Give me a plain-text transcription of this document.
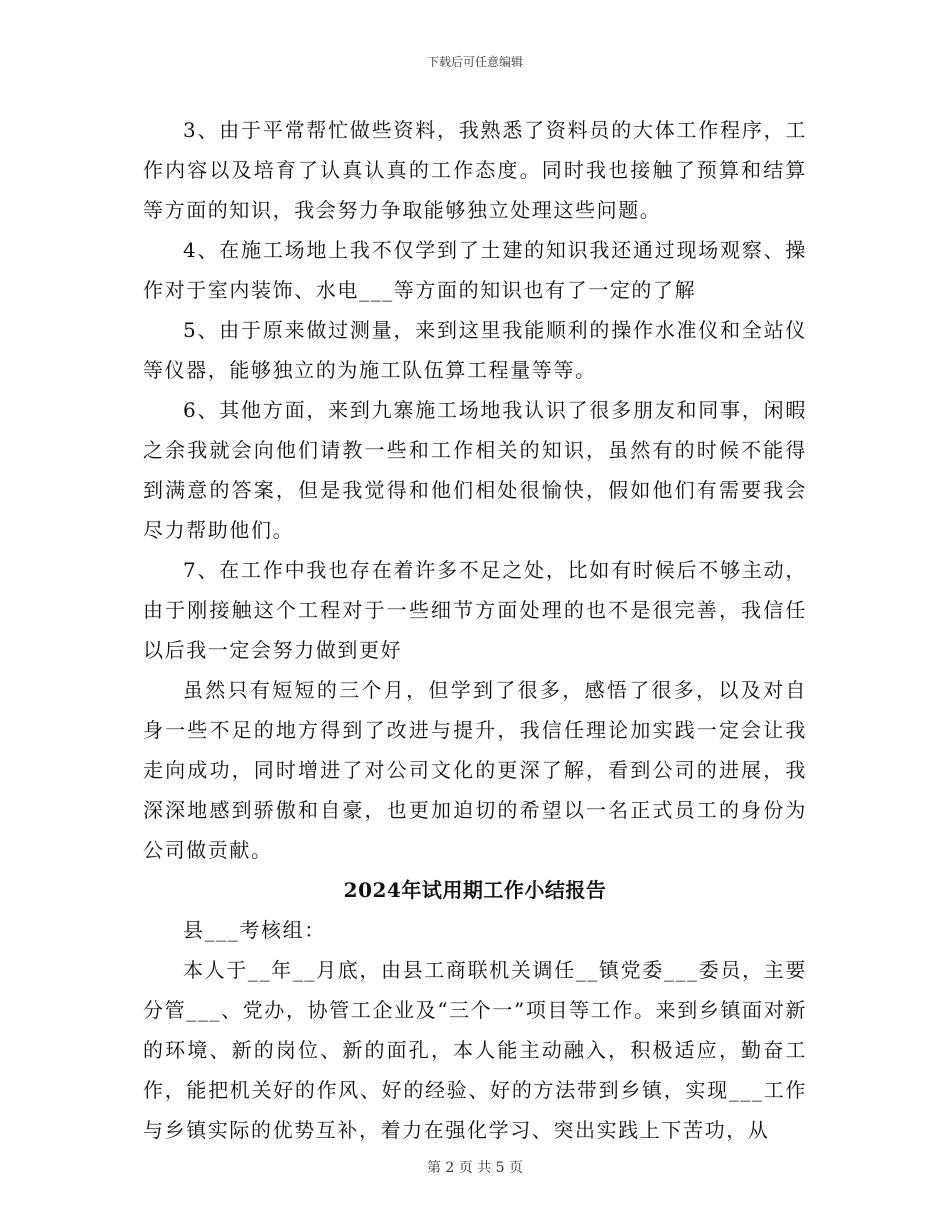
下载后可任意编辑

3、由于平常帮忙做些资料，我熟悉了资料员的大体工作程序，工作内容以及培育了认真认真的工作态度。同时我也接触了预算和结算等方面的知识，我会努力争取能够独立处理这些问题。

4、在施工场地上我不仅学到了土建的知识我还通过现场观察、操作对于室内装饰、水电___等方面的知识也有了一定的了解

5、由于原来做过测量，来到这里我能顺利的操作水准仪和全站仪等仪器，能够独立的为施工队伍算工程量等等。

6、其他方面，来到九寨施工场地我认识了很多朋友和同事，闲暇之余我就会向他们请教一些和工作相关的知识，虽然有的时候不能得到满意的答案，但是我觉得和他们相处很愉快，假如他们有需要我会尽力帮助他们。

7、在工作中我也存在着许多不足之处，比如有时候后不够主动，由于刚接触这个工程对于一些细节方面处理的也不是很完善，我信任以后我一定会努力做到更好

虽然只有短短的三个月，但学到了很多，感悟了很多，以及对自身一些不足的地方得到了改进与提升，我信任理论加实践一定会让我走向成功，同时增进了对公司文化的更深了解，看到公司的进展，我深深地感到骄傲和自豪，也更加迫切的希望以一名正式员工的身份为公司做贡献。

2024年试用期工作小结报告

县___考核组：

本人于__年__月底，由县工商联机关调任__镇党委___委员，主要分管___、党办，协管工企业及“三个一”项目等工作。来到乡镇面对新的环境、新的岗位、新的面孔，本人能主动融入，积极适应，勤奋工作，能把机关好的作风、好的经验、好的方法带到乡镇，实现___工作与乡镇实际的优势互补，着力在强化学习、突出实践上下苦功，从

第 2 页 共 5 页
